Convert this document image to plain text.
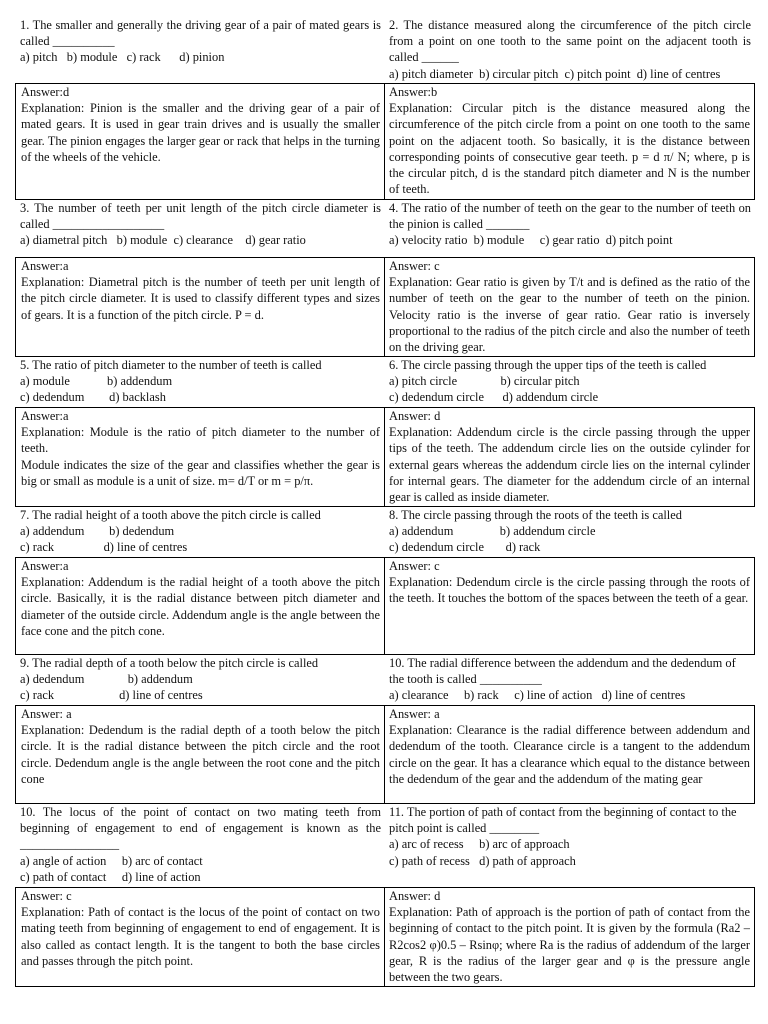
1. The smaller and generally the driving gear of a pair of mated gears is called __________

a) pitch   b) module   c) rack      d) pinion

2. The distance measured along the circumference of the pitch circle from a point on one tooth to the same point on the adjacent tooth is called ______

a) pitch diameter  b) circular pitch  c) pitch point  d) line of centres

Answer:d

Explanation: Pinion is the smaller and the driving gear of a pair of mated gears. It is used in gear train drives and is usually the smaller gear. The pinion engages the larger gear or rack that helps in the turning of the wheels of the vehicle.

Answer:b

Explanation: Circular pitch is the distance measured along the circumference of the pitch circle from a point on one tooth to the same point on the adjacent tooth. So basically, it is the distance between corresponding points of consecutive gear teeth. p = d π/ N; where, p is the circular pitch, d is the standard pitch diameter and N is the number of teeth.

3. The number of teeth per unit length of the pitch circle diameter is called __________________

a) diametral pitch   b) module  c) clearance    d) gear ratio

4. The ratio of the number of teeth on the gear to the number of teeth on the pinion is called _______

a) velocity ratio  b) module     c) gear ratio  d) pitch point

Answer:a

Explanation: Diametral pitch is the number of teeth per unit length of the pitch circle diameter. It is used to classify different types and sizes of gears. It is a function of the pitch circle. P = d.

Answer: c

Explanation: Gear ratio is given by T/t and is defined as the ratio of the number of teeth on the gear to the number of teeth on the pinion. Velocity ratio is the inverse of gear ratio. Gear ratio is inversely proportional to the radius of the pitch circle and also the number of teeth on the driving gear.

5. The ratio of pitch diameter to the number of teeth is called

a) module            b) addendum

c) dedendum        d) backlash

6. The circle passing through the upper tips of the teeth is called

a) pitch circle              b) circular pitch

c) dedendum circle      d) addendum circle

Answer:a

Explanation: Module is the ratio of pitch diameter to the number of teeth.

Module indicates the size of the gear and classifies whether the gear is big or small as module is a unit of size. m= d/T or m = p/π.

Answer: d

Explanation: Addendum circle is the circle passing through the upper tips of the teeth. The addendum circle lies on the outside cylinder for external gears whereas the addendum circle lies on the internal cylinder for internal gears. The diameter for the addendum circle of an internal gear is called as inside diameter.

7. The radial height of a tooth above the pitch circle is called

a) addendum        b) dedendum

c) rack                d) line of centres

8. The circle passing through the roots of the teeth is called

a) addendum               b) addendum circle

c) dedendum circle       d) rack

Answer:a

Explanation: Addendum is the radial height of a tooth above the pitch circle. Basically, it is the radial distance between pitch diameter and diameter of the outside circle. Addendum angle is the angle between the face cone and the pitch cone.

Answer: c

Explanation: Dedendum circle is the circle passing through the roots of the teeth. It touches the bottom of the spaces between the teeth of a gear.

9. The radial depth of a tooth below the pitch circle is called

a) dedendum              b) addendum

c) rack                     d) line of centres

10. The radial difference between the addendum and the dedendum of the tooth is called __________

a) clearance     b) rack     c) line of action   d) line of centres

Answer: a

Explanation: Dedendum is the radial depth of a tooth below the pitch circle. It is the radial distance between the pitch circle and the root circle. Dedendum angle is the angle between the root cone and the pitch cone

Answer: a

Explanation: Clearance is the radial difference between addendum and dedendum of the tooth. Clearance circle is a tangent to the addendum circle on the gear. It has a clearance which equal to the distance between the dedendum of the gear and the addendum of the mating gear

10. The locus of the point of contact on two mating teeth from beginning of engagement to end of engagement is known as the ________________

a) angle of action     b) arc of contact

c) path of contact     d) line of action

11. The portion of path of contact from the beginning of contact to the pitch point is called ________

a) arc of recess     b) arc of approach

c) path of recess   d) path of approach

Answer: c

Explanation: Path of contact is the locus of the point of contact on two mating teeth from beginning of engagement to end of engagement. It is also called as contact length. It is the tangent to both the base circles and passes through the pitch point.

Answer: d

Explanation: Path of approach is the portion of path of contact from the beginning of contact to the pitch point. It is given by the formula (Ra2 – R2cos2 φ)0.5 – Rsinφ; where Ra is the radius of addendum of the larger gear, R is the radius of the larger gear and φ is the pressure angle between the two gears.
